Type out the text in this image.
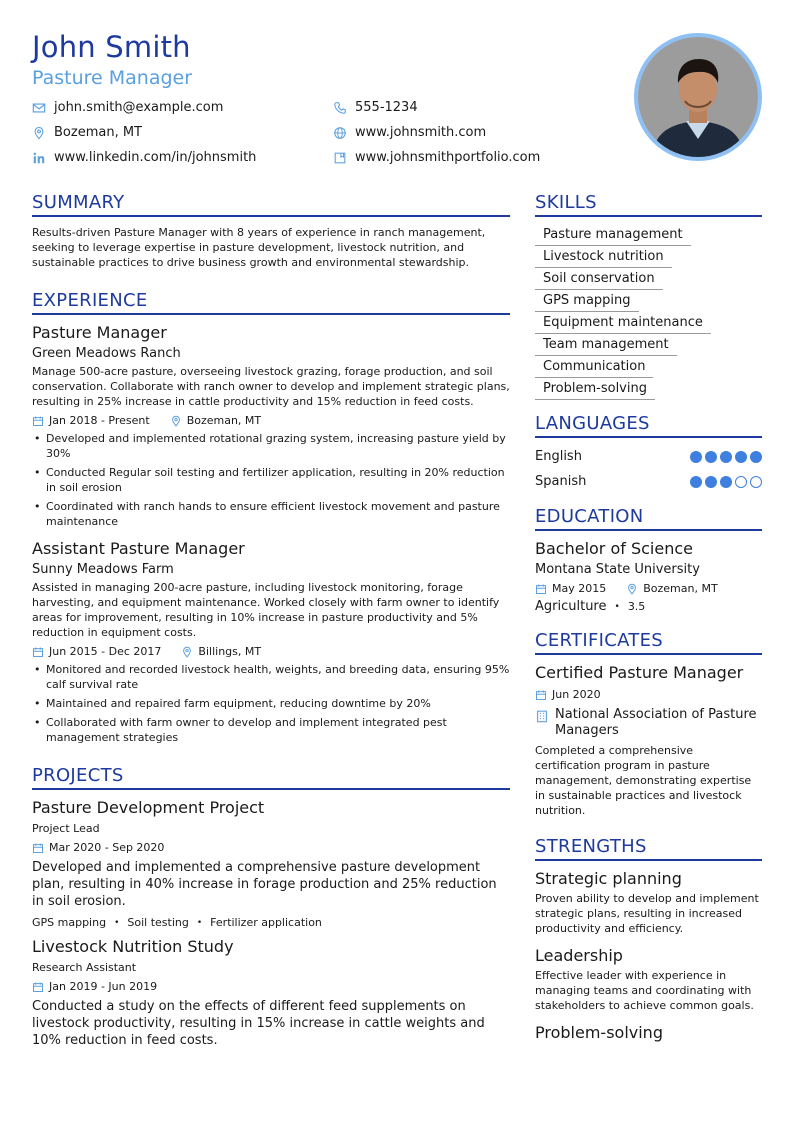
John Smith
Pasture Manager
john.smith@example.com	555-1234
Bozeman, MT	www.johnsmith.com
www.linkedin.com/in/johnsmith	www.johnsmithportfolio.com
SUMMARY
Results-driven Pasture Manager with 8 years of experience in ranch management, seeking to leverage expertise in pasture development, livestock nutrition, and sustainable practices to drive business growth and environmental stewardship.
EXPERIENCE
Pasture Manager
Green Meadows Ranch
Manage 500-acre pasture, overseeing livestock grazing, forage production, and soil conservation. Collaborate with ranch owner to develop and implement strategic plans, resulting in 25% increase in cattle productivity and 15% reduction in feed costs.
Jan 2018 - Present	Bozeman, MT
• Developed and implemented rotational grazing system, increasing pasture yield by 30%
• Conducted Regular soil testing and fertilizer application, resulting in 20% reduction in soil erosion
• Coordinated with ranch hands to ensure efficient livestock movement and pasture maintenance
Assistant Pasture Manager
Sunny Meadows Farm
Assisted in managing 200-acre pasture, including livestock monitoring, forage harvesting, and equipment maintenance. Worked closely with farm owner to identify areas for improvement, resulting in 10% increase in pasture productivity and 5% reduction in equipment costs.
Jun 2015 - Dec 2017	Billings, MT
• Monitored and recorded livestock health, weights, and breeding data, ensuring 95% calf survival rate
• Maintained and repaired farm equipment, reducing downtime by 20%
• Collaborated with farm owner to develop and implement integrated pest management strategies
PROJECTS
Pasture Development Project
Project Lead
Mar 2020 - Sep 2020
Developed and implemented a comprehensive pasture development plan, resulting in 40% increase in forage production and 25% reduction in soil erosion.
GPS mapping • Soil testing • Fertilizer application
Livestock Nutrition Study
Research Assistant
Jan 2019 - Jun 2019
Conducted a study on the effects of different feed supplements on livestock productivity, resulting in 15% increase in cattle weights and 10% reduction in feed costs.
SKILLS
Pasture management
Livestock nutrition
Soil conservation
GPS mapping
Equipment maintenance
Team management
Communication
Problem-solving
LANGUAGES
English
Spanish
EDUCATION
Bachelor of Science
Montana State University
May 2015	Bozeman, MT
Agriculture • 3.5
CERTIFICATES
Certified Pasture Manager
Jun 2020
National Association of Pasture Managers
Completed a comprehensive certification program in pasture management, demonstrating expertise in sustainable practices and livestock nutrition.
STRENGTHS
Strategic planning
Proven ability to develop and implement strategic plans, resulting in increased productivity and efficiency.
Leadership
Effective leader with experience in managing teams and coordinating with stakeholders to achieve common goals.
Problem-solving
